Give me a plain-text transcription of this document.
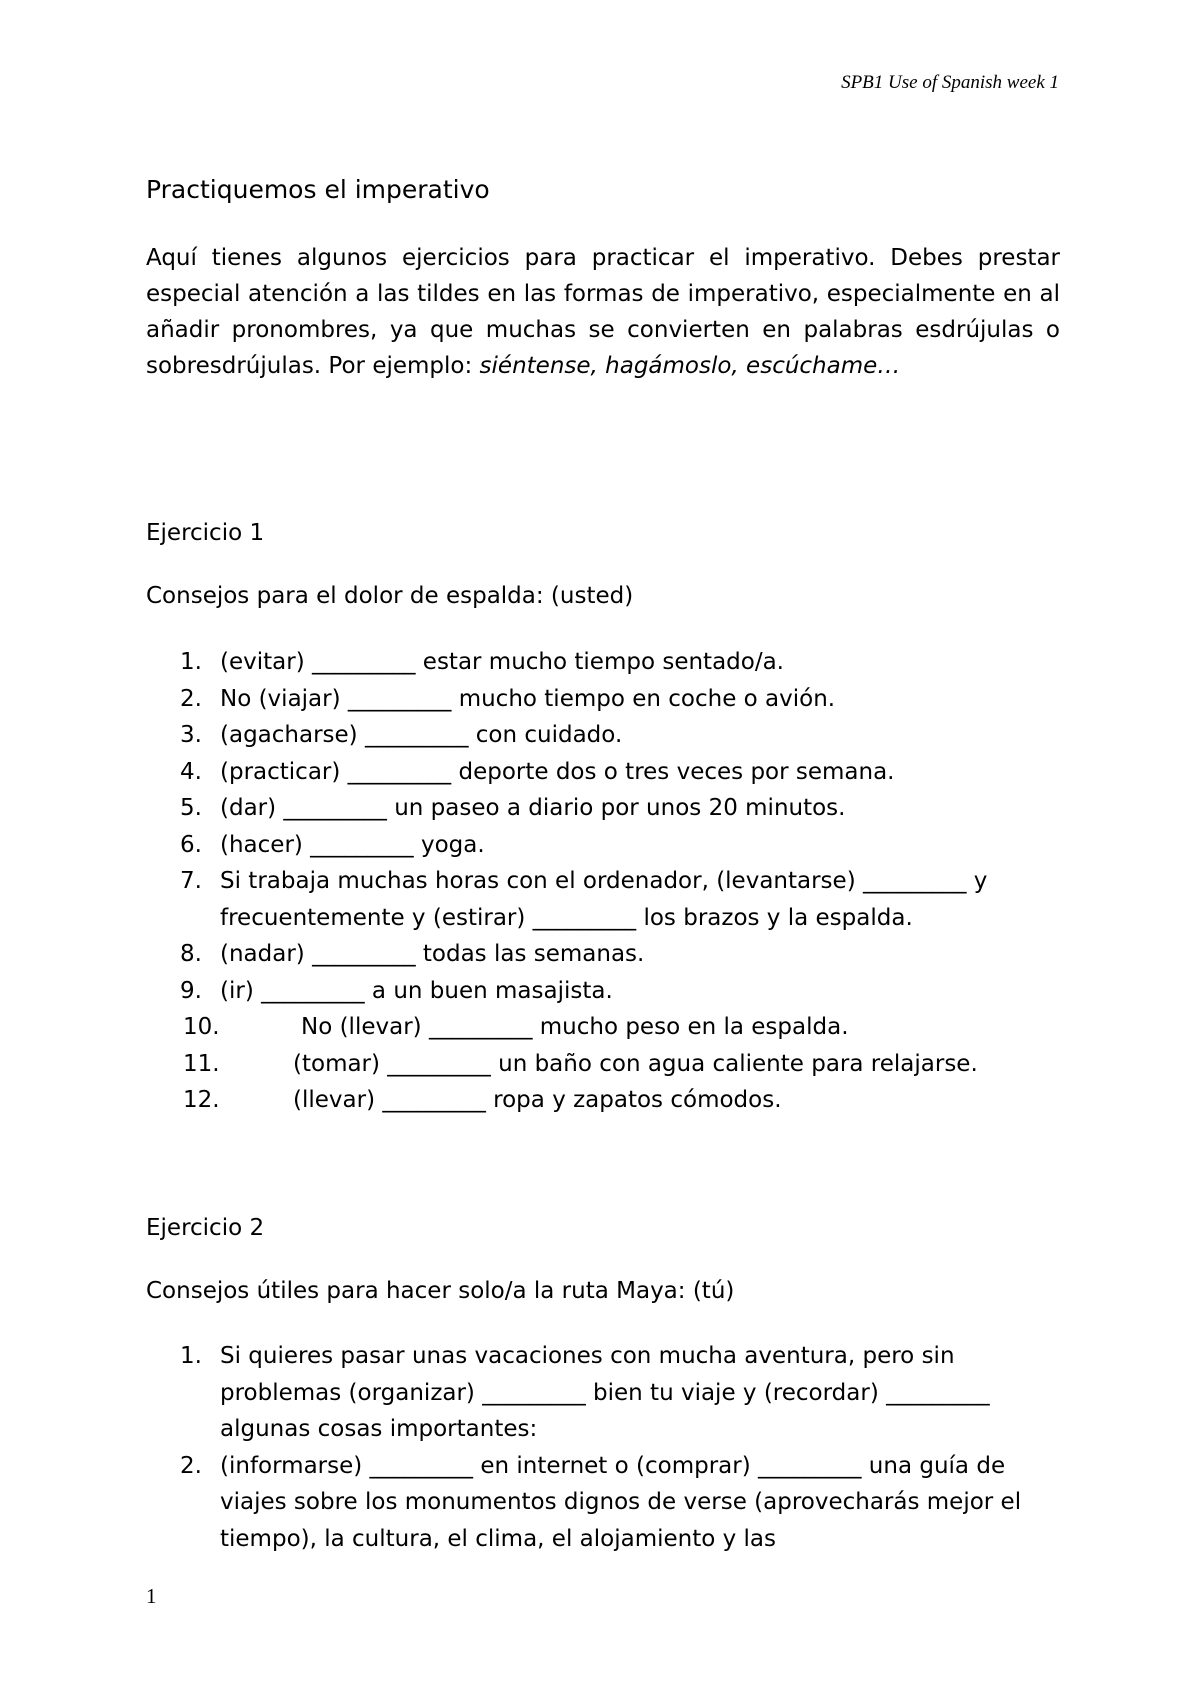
SPB1 Use of Spanish week 1
Practiquemos el imperativo

Aquí tienes algunos ejercicios para practicar el imperativo. Debes prestar especial atención a las tildes en las formas de imperativo, especialmente en al añadir pronombres, ya que muchas se convierten en palabras esdrújulas o sobresdrújulas. Por ejemplo: siéntense, hagámoslo, escúchame…

Ejercicio 1

Consejos para el dolor de espalda: (usted)

1. (evitar) _________ estar mucho tiempo sentado/a.
2. No (viajar) _________ mucho tiempo en coche o avión.
3. (agacharse) _________ con cuidado.
4. (practicar) _________ deporte dos o tres veces por semana.
5. (dar) _________ un paseo a diario por unos 20 minutos.
6. (hacer) _________ yoga.
7. Si trabaja muchas horas con el ordenador, (levantarse) _________ y frecuentemente y (estirar) _________ los brazos y la espalda.
8. (nadar) _________ todas las semanas.
9. (ir) _________ a un buen masajista.
10.	No (llevar) _________ mucho peso en la espalda.
11.	(tomar) _________ un baño con agua caliente para relajarse.
12.	(llevar) _________ ropa y zapatos cómodos.
Ejercicio 2

Consejos útiles para hacer solo/a la ruta Maya: (tú)

1. Si quieres pasar unas vacaciones con mucha aventura, pero sin problemas (organizar) _________ bien tu viaje y (recordar) _________ algunas cosas importantes:
2. (informarse) _________ en internet o (comprar) _________ una guía de viajes sobre los monumentos dignos de verse (aprovecharás mejor el tiempo), la cultura, el clima, el alojamiento y las
1
